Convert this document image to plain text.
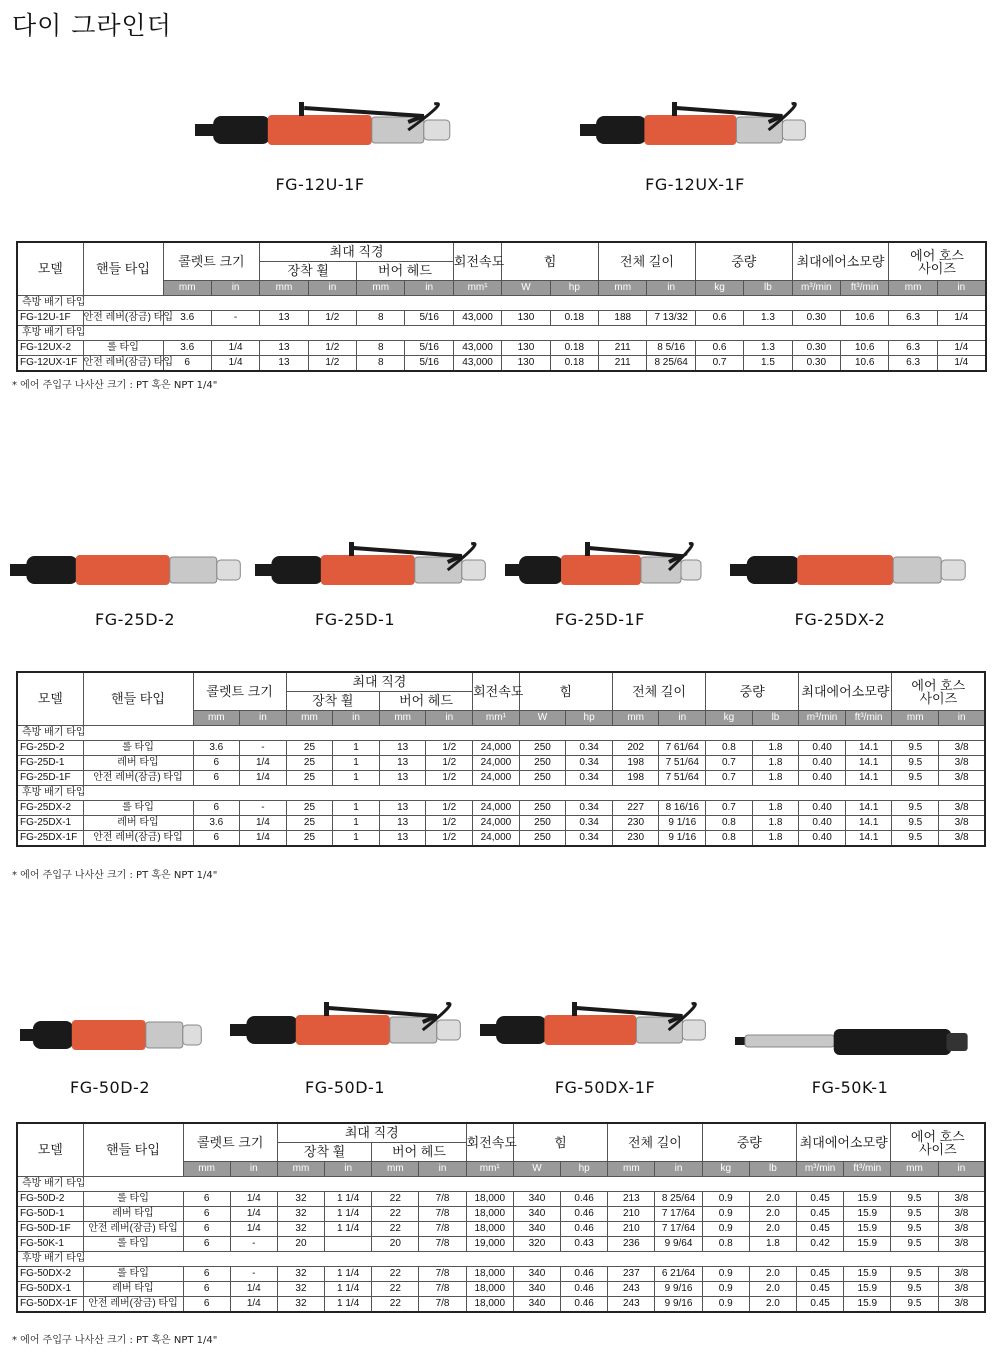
다이 그라인더
FG-12U-1F	FG-12UX-1F
FG-25D-2	FG-25D-1	FG-25D-1F	FG-25DX-2
FG-50D-2	FG-50D-1	FG-50DX-1F	FG-50K-1
모델	핸들 타입	콜렛트 크기		최대 직경				회전속도	힘		전체 길이		중량		최대에어소모량		에어 호스
사이즈	
				장착 휠		버어 헤드												
		mm	in	mm	in	mm	in	mm¹	W	hp	mm	in	kg	lb	m³/min	ft³/min	mm	in
측방 배기 타입																		
FG-12U-1F	안전 레버(잠금) 타입	3.6	-	13	1/2	8	5/16	43,000	130	0.18	188	7 13/32	0.6	1.3	0.30	10.6	6.3	1/4
후방 배기 타입																		
FG-12UX-2	롤 타입	3.6	1/4	13	1/2	8	5/16	43,000	130	0.18	211	8 5/16	0.6	1.3	0.30	10.6	6.3	1/4
FG-12UX-1F	안전 레버(잠금) 타입	6	1/4	13	1/2	8	5/16	43,000	130	0.18	211	8 25/64	0.7	1.5	0.30	10.6	6.3	1/4
모델	핸들 타입	콜렛트 크기		최대 직경				회전속도	힘		전체 길이		중량		최대에어소모량		에어 호스
사이즈	
				장착 휠		버어 헤드												
		mm	in	mm	in	mm	in	mm¹	W	hp	mm	in	kg	lb	m³/min	ft³/min	mm	in
측방 배기 타입																		
FG-25D-2	롤 타입	3.6	-	25	1	13	1/2	24,000	250	0.34	202	7 61/64	0.8	1.8	0.40	14.1	9.5	3/8
FG-25D-1	레버 타입	6	1/4	25	1	13	1/2	24,000	250	0.34	198	7 51/64	0.7	1.8	0.40	14.1	9.5	3/8
FG-25D-1F	안전 레버(잠금) 타입	6	1/4	25	1	13	1/2	24,000	250	0.34	198	7 51/64	0.7	1.8	0.40	14.1	9.5	3/8
후방 배기 타입																		
FG-25DX-2	롤 타입	6	-	25	1	13	1/2	24,000	250	0.34	227	8 16/16	0.7	1.8	0.40	14.1	9.5	3/8
FG-25DX-1	레버 타입	3.6	1/4	25	1	13	1/2	24,000	250	0.34	230	9 1/16	0.8	1.8	0.40	14.1	9.5	3/8
FG-25DX-1F	안전 레버(잠금) 타입	6	1/4	25	1	13	1/2	24,000	250	0.34	230	9 1/16	0.8	1.8	0.40	14.1	9.5	3/8
모델	핸들 타입	콜렛트 크기		최대 직경				회전속도	힘		전체 길이		중량		최대에어소모량		에어 호스
사이즈	
				장착 휠		버어 헤드												
		mm	in	mm	in	mm	in	mm¹	W	hp	mm	in	kg	lb	m³/min	ft³/min	mm	in
측방 배기 타입																		
FG-50D-2	롤 타입	6	1/4	32	1 1/4	22	7/8	18,000	340	0.46	213	8 25/64	0.9	2.0	0.45	15.9	9.5	3/8
FG-50D-1	레버 타입	6	1/4	32	1 1/4	22	7/8	18,000	340	0.46	210	7 17/64	0.9	2.0	0.45	15.9	9.5	3/8
FG-50D-1F	안전 레버(잠금) 타입	6	1/4	32	1 1/4	22	7/8	18,000	340	0.46	210	7 17/64	0.9	2.0	0.45	15.9	9.5	3/8
FG-50K-1	롤 타입	6	-	20		20	7/8	19,000	320	0.43	236	9 9/64	0.8	1.8	0.42	15.9	9.5	3/8
후방 배기 타입																		
FG-50DX-2	롤 타입	6	-	32	1 1/4	22	7/8	18,000	340	0.46	237	6 21/64	0.9	2.0	0.45	15.9	9.5	3/8
FG-50DX-1	레버 타입	6	1/4	32	1 1/4	22	7/8	18,000	340	0.46	243	9 9/16	0.9	2.0	0.45	15.9	9.5	3/8
FG-50DX-1F	안전 레버(잠금) 타입	6	1/4	32	1 1/4	22	7/8	18,000	340	0.46	243	9 9/16	0.9	2.0	0.45	15.9	9.5	3/8
* 에어 주입구 나사산 크기 : PT 혹은 NPT 1/4"
* 에어 주입구 나사산 크기 : PT 혹은 NPT 1/4"
* 에어 주입구 나사산 크기 : PT 혹은 NPT 1/4"
